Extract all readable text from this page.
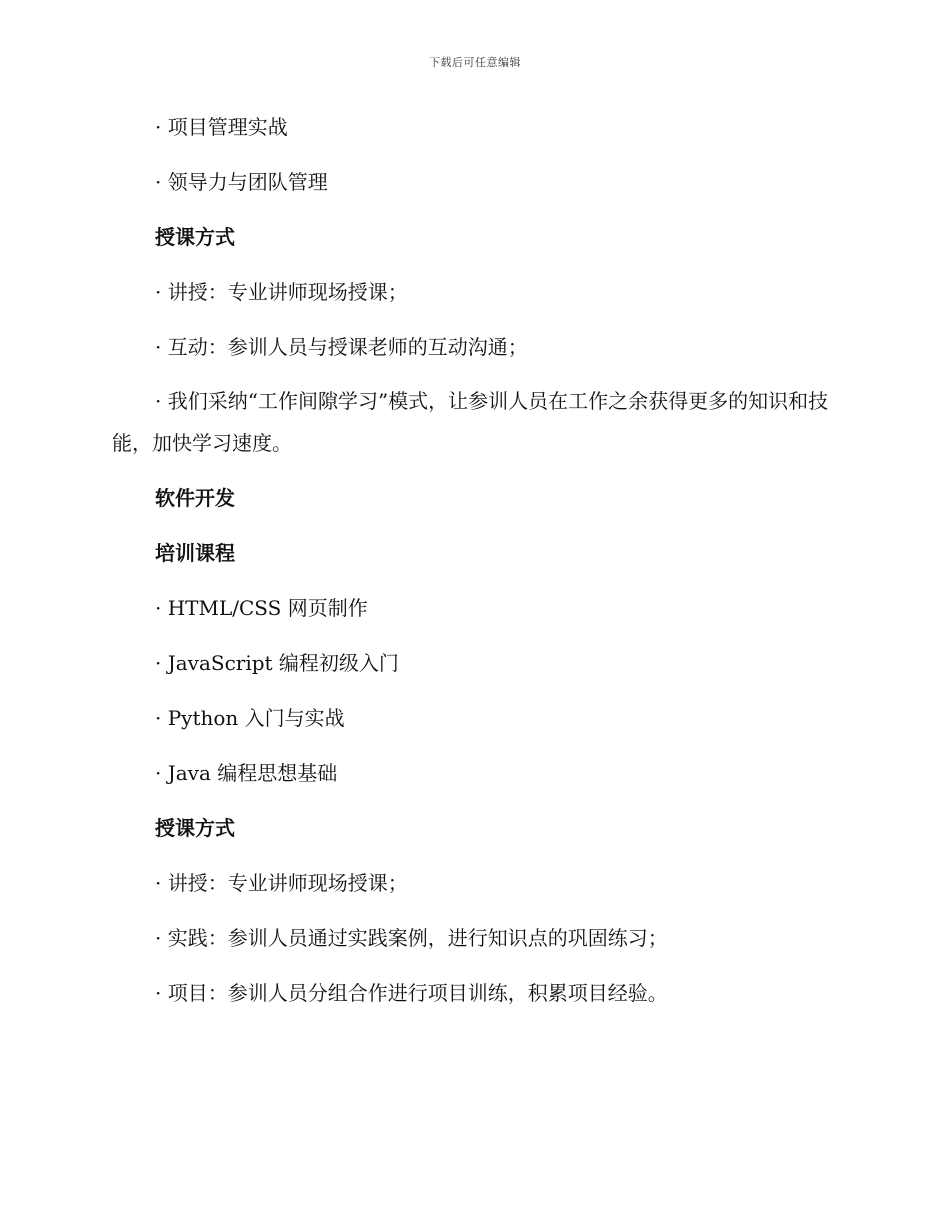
下载后可任意编辑
· 项目管理实战
· 领导力与团队管理
授课方式
· 讲授：专业讲师现场授课；
· 互动：参训人员与授课老师的互动沟通；
· 我们采纳“工作间隙学习”模式，让参训人员在工作之余获得更多的知识和技能，加快学习速度。
软件开发
培训课程
· HTML/CSS 网页制作
· JavaScript 编程初级入门
· Python 入门与实战
· Java 编程思想基础
授课方式
· 讲授：专业讲师现场授课；
· 实践：参训人员通过实践案例，进行知识点的巩固练习；
· 项目：参训人员分组合作进行项目训练，积累项目经验。
